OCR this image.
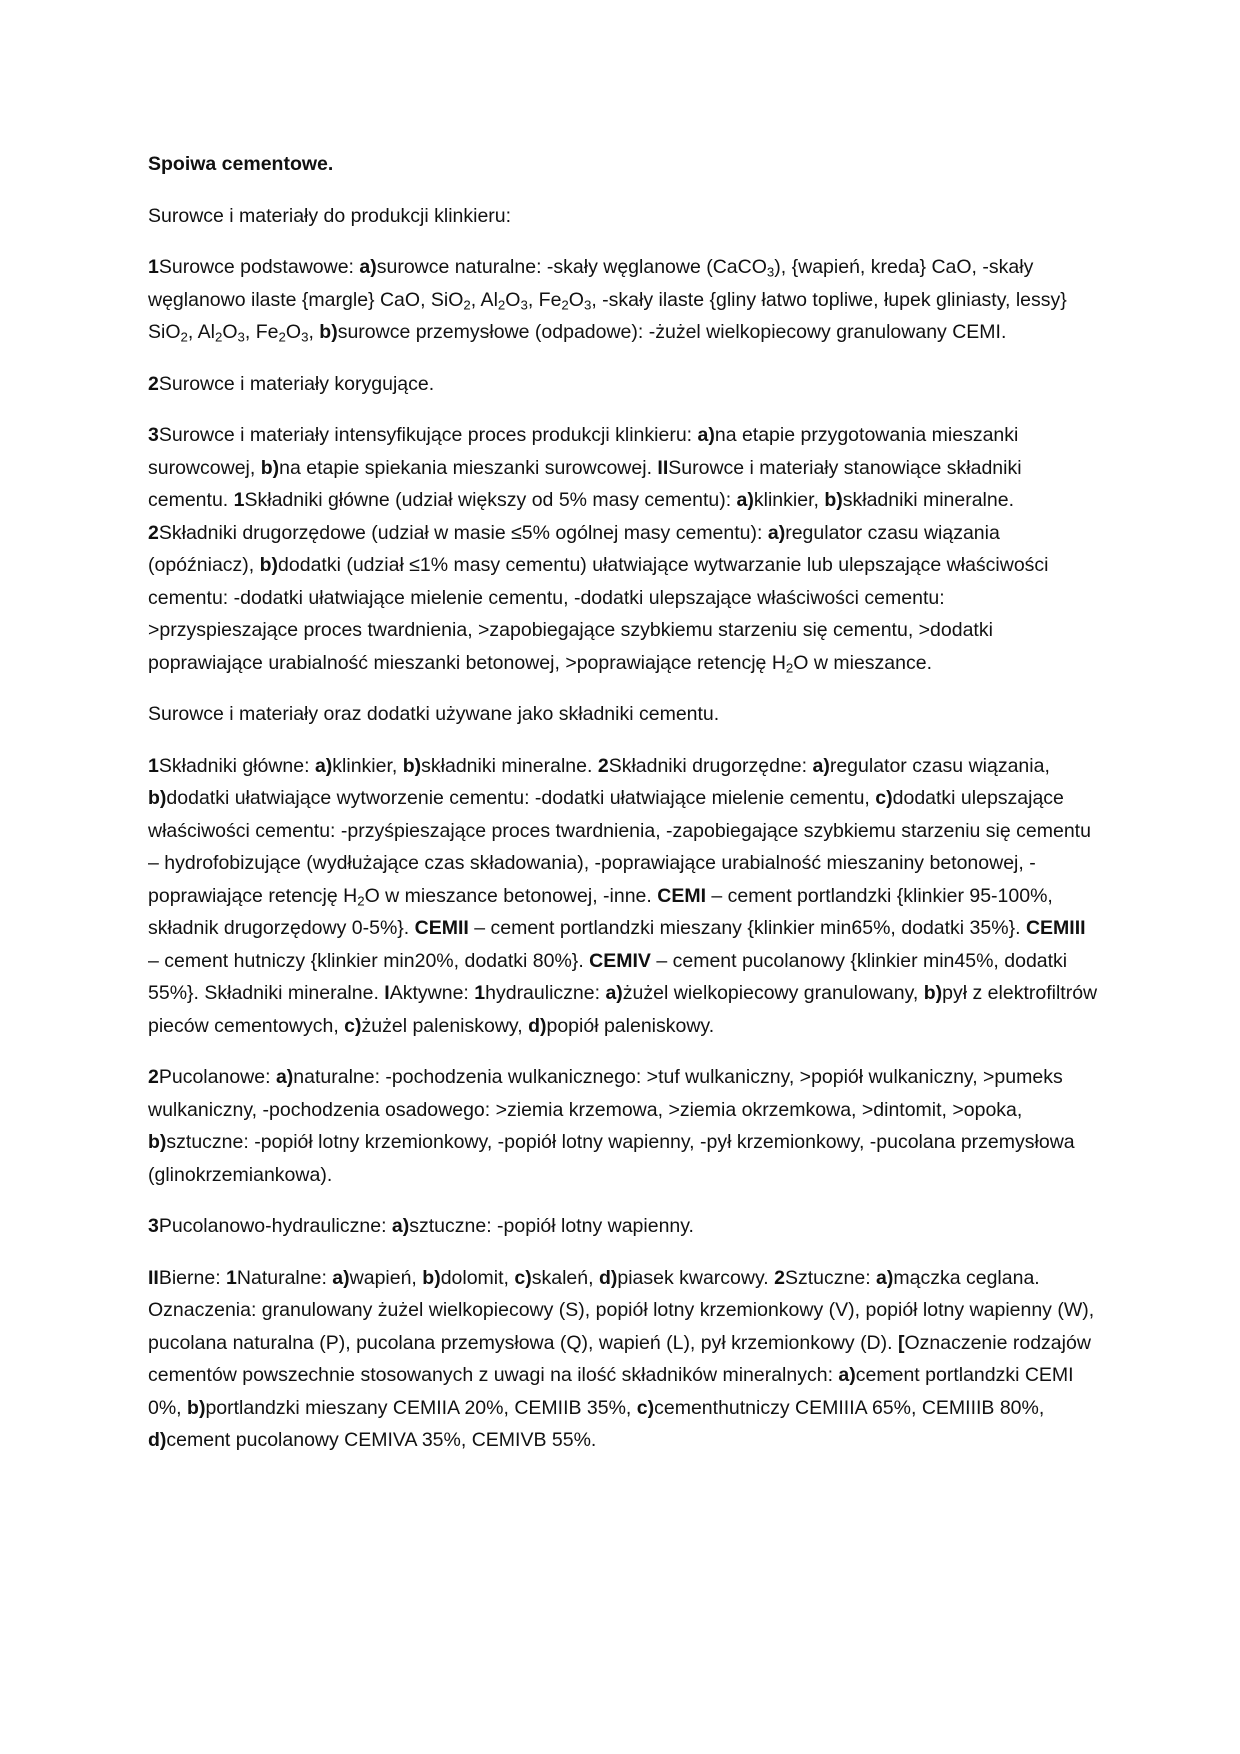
Spoiwa cementowe.

Surowce i materiały do produkcji klinkieru:

1Surowce podstawowe: a)surowce naturalne: -skały węglanowe (CaCO$_3$), {wapień, kreda} CaO, -skały węglanowo ilaste {margle} CaO, SiO$_2$, $Al_2O_3$, $Fe_2O_3$, -skały ilaste {gliny łatwo topliwe, łupek gliniasty, lessy} SiO$_2$, $Al_2O_3$, $Fe_2O_3$, b)surowce przemysłowe (odpadowe): -żużel wielkopiecowy granulowany CEMI.

2Surowce i materiały korygujące.

3Surowce i materiały intensyfikujące proces produkcji klinkieru: a)na etapie przygotowania mieszanki surowcowej, b)na etapie spiekania mieszanki surowcowej. IISurowce i materiały stanowiące składniki cementu. 1Składniki główne (udział większy od 5% masy cementu): a)klinkier, b)składniki mineralne. 2Składniki drugorzędowe (udział w masie ≤5% ogólnej masy cementu): a)regulator czasu wiązania (opóźniacz), b)dodatki (udział ≤1% masy cementu) ułatwiające wytwarzanie lub ulepszające właściwości cementu: -dodatki ułatwiające mielenie cementu, -dodatki ulepszające właściwości cementu: >przyspieszające proces twardnienia, >zapobiegające szybkiemu starzeniu się cementu, >dodatki poprawiające urabialność mieszanki betonowej, >poprawiające retencję $H_2O$ w mieszance.

Surowce i materiały oraz dodatki używane jako składniki cementu.

1Składniki główne: a)klinkier, b)składniki mineralne. 2Składniki drugorzędne: a)regulator czasu wiązania, b)dodatki ułatwiające wytworzenie cementu: -dodatki ułatwiające mielenie cementu, c)dodatki ulepszające właściwości cementu: -przyśpieszające proces twardnienia, -zapobiegające szybkiemu starzeniu się cementu – hydrofobizujące (wydłużające czas składowania), -poprawiające urabialność mieszaniny betonowej, -poprawiające retencję $H_2O$ w mieszance betonowej, -inne. CEMI – cement portlandzki {klinkier 95-100%, składnik drugorzędowy 0-5%}. CEMII – cement portlandzki mieszany {klinkier min65%, dodatki 35%}. CEMIII – cement hutniczy {klinkier min20%, dodatki 80%}. CEMIV – cement pucolanowy {klinkier min45%, dodatki 55%}. Składniki mineralne. IAktywne: 1hydrauliczne: a)żużel wielkopiecowy granulowany, b)pył z elektrofiltrów pieców cementowych, c)żużel paleniskowy, d)popiół paleniskowy.

2Pucolanowe: a)naturalne: -pochodzenia wulkanicznego: >tuf wulkaniczny, >popiół wulkaniczny, >pumeks wulkaniczny, -pochodzenia osadowego: >ziemia krzemowa, >ziemia okrzemkowa, >dintomit, >opoka, b)sztuczne: -popiół lotny krzemionkowy, -popiół lotny wapienny, -pył krzemionkowy, -pucolana przemysłowa (glinokrzemiankowa).

3Pucolanowo-hydrauliczne: a)sztuczne: -popiół lotny wapienny.

IIBierne: 1Naturalne: a)wapień, b)dolomit, c)skaleń, d)piasek kwarcowy. 2Sztuczne: a)mączka ceglana. Oznaczenia: granulowany żużel wielkopiecowy (S), popiół lotny krzemionkowy (V), popiół lotny wapienny (W), pucolana naturalna (P), pucolana przemysłowa (Q), wapień (L), pył krzemionkowy (D). [Oznaczenie rodzajów cementów powszechnie stosowanych z uwagi na ilość składników mineralnych: a)cement portlandzki CEMI 0%, b)portlandzki mieszany CEMIIA 20%, CEMIIB 35%, c)cementhutniczy CEMIIIA 65%, CEMIIIB 80%, d)cement pucolanowy CEMIVA 35%, CEMIVB 55%.
